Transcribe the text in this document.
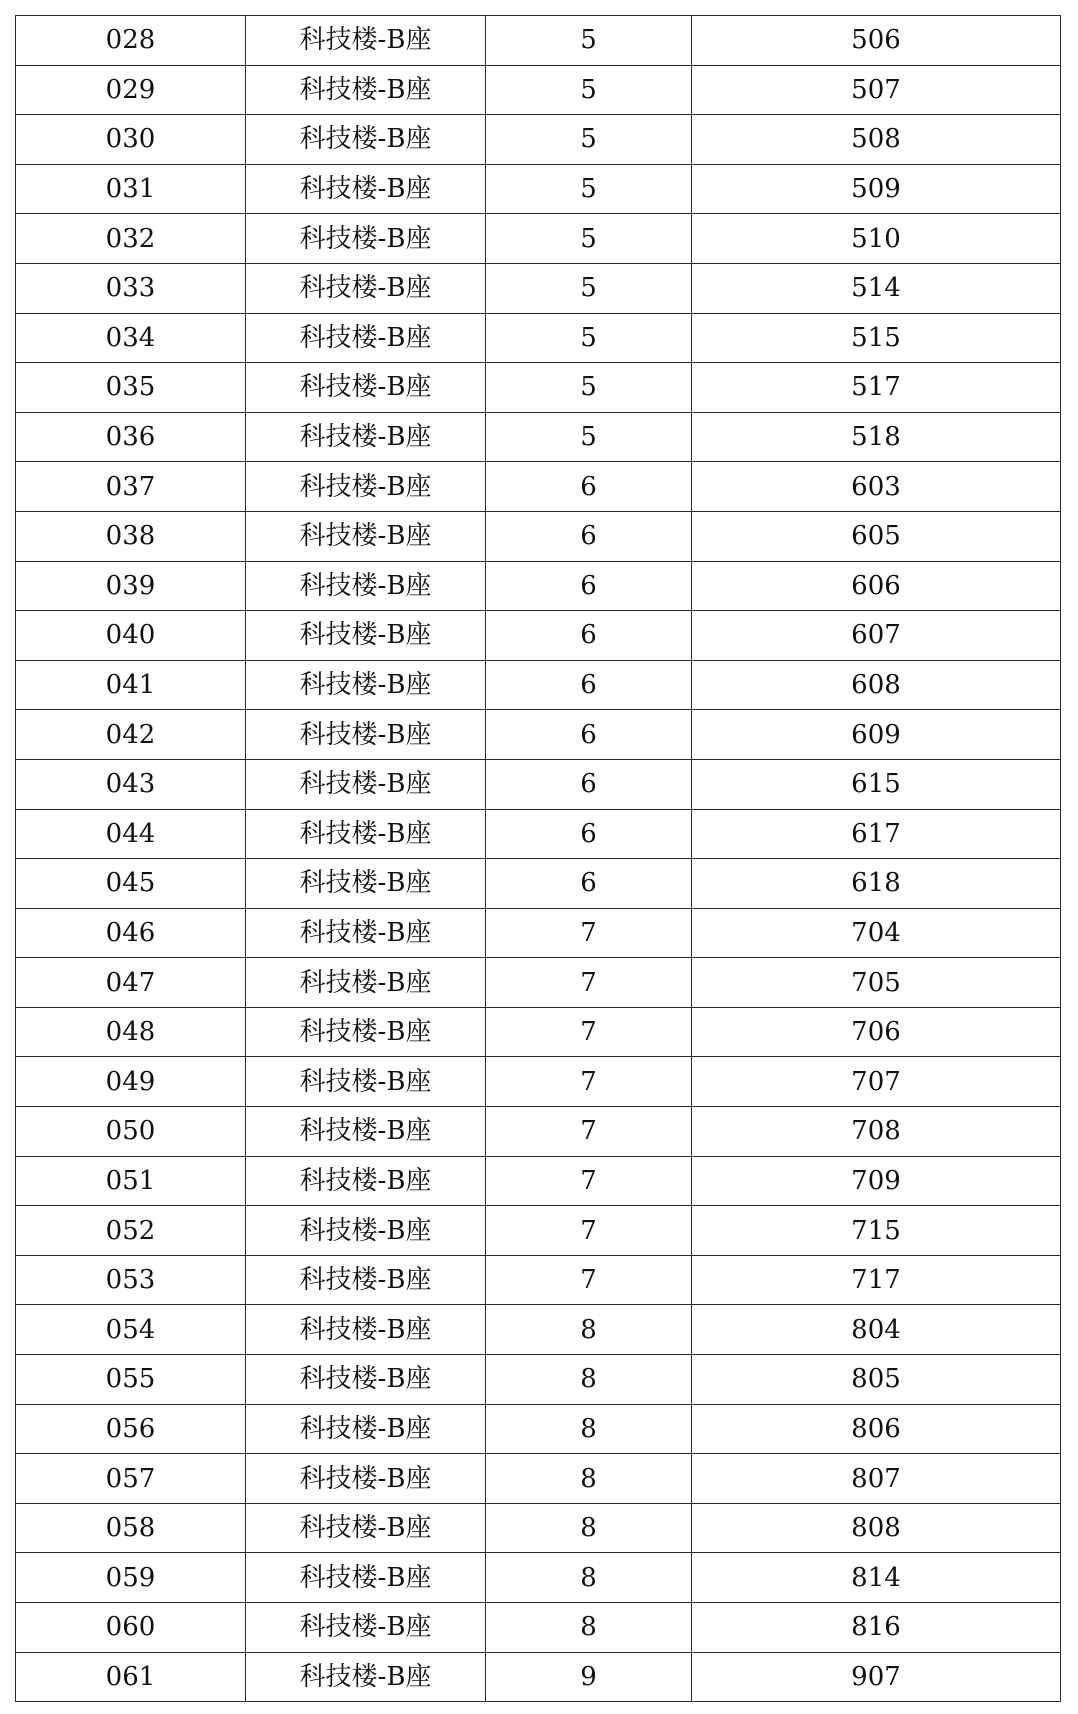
028	科技楼-B座	5	506
029	科技楼-B座	5	507
030	科技楼-B座	5	508
031	科技楼-B座	5	509
032	科技楼-B座	5	510
033	科技楼-B座	5	514
034	科技楼-B座	5	515
035	科技楼-B座	5	517
036	科技楼-B座	5	518
037	科技楼-B座	6	603
038	科技楼-B座	6	605
039	科技楼-B座	6	606
040	科技楼-B座	6	607
041	科技楼-B座	6	608
042	科技楼-B座	6	609
043	科技楼-B座	6	615
044	科技楼-B座	6	617
045	科技楼-B座	6	618
046	科技楼-B座	7	704
047	科技楼-B座	7	705
048	科技楼-B座	7	706
049	科技楼-B座	7	707
050	科技楼-B座	7	708
051	科技楼-B座	7	709
052	科技楼-B座	7	715
053	科技楼-B座	7	717
054	科技楼-B座	8	804
055	科技楼-B座	8	805
056	科技楼-B座	8	806
057	科技楼-B座	8	807
058	科技楼-B座	8	808
059	科技楼-B座	8	814
060	科技楼-B座	8	816
061	科技楼-B座	9	907
